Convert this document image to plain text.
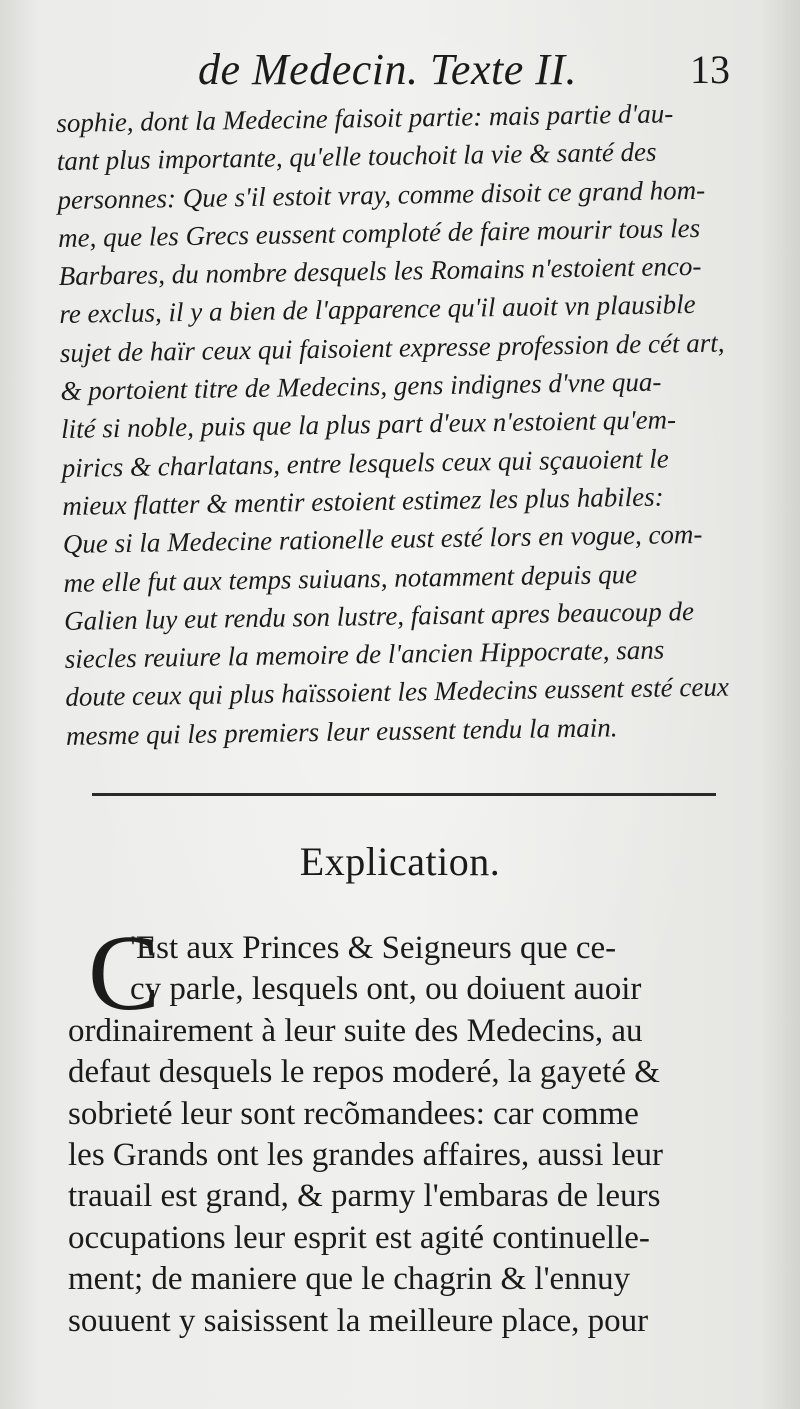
de Medecin. Texte II.	13
sophie, dont la Medecine faisoit partie: mais partie d'au-
tant plus importante, qu'elle touchoit la vie & santé des
personnes: Que s'il estoit vray, comme disoit ce grand hom-
me, que les Grecs eussent comploté de faire mourir tous les
Barbares, du nombre desquels les Romains n'estoient enco-
re exclus, il y a bien de l'apparence qu'il auoit vn plausible
sujet de haïr ceux qui faisoient expresse profession de cét art,
& portoient titre de Medecins, gens indignes d'vne qua-
lité si noble, puis que la plus part d'eux n'estoient qu'em-
pirics & charlatans, entre lesquels ceux qui sçauoient le
mieux flatter & mentir estoient estimez les plus habiles:
Que si la Medecine rationelle eust esté lors en vogue, com-
me elle fut aux temps suiuans, notamment depuis que
Galien luy eut rendu son lustre, faisant apres beaucoup de
siecles reuiure la memoire de l'ancien Hippocrate, sans
doute ceux qui plus haïssoient les Medecins eussent esté ceux
mesme qui les premiers leur eussent tendu la main.
Explication.
C
'Est aux Princes & Seigneurs que ce-
cy parle, lesquels ont, ou doiuent auoir
ordinairement à leur suite des Medecins, au
defaut desquels le repos moderé, la gayeté &
sobrieté leur sont recõmandees: car comme
les Grands ont les grandes affaires, aussi leur
trauail est grand, & parmy l'embaras de leurs
occupations leur esprit est agité continuelle-
ment; de maniere que le chagrin & l'ennuy
souuent y saisissent la meilleure place, pour
